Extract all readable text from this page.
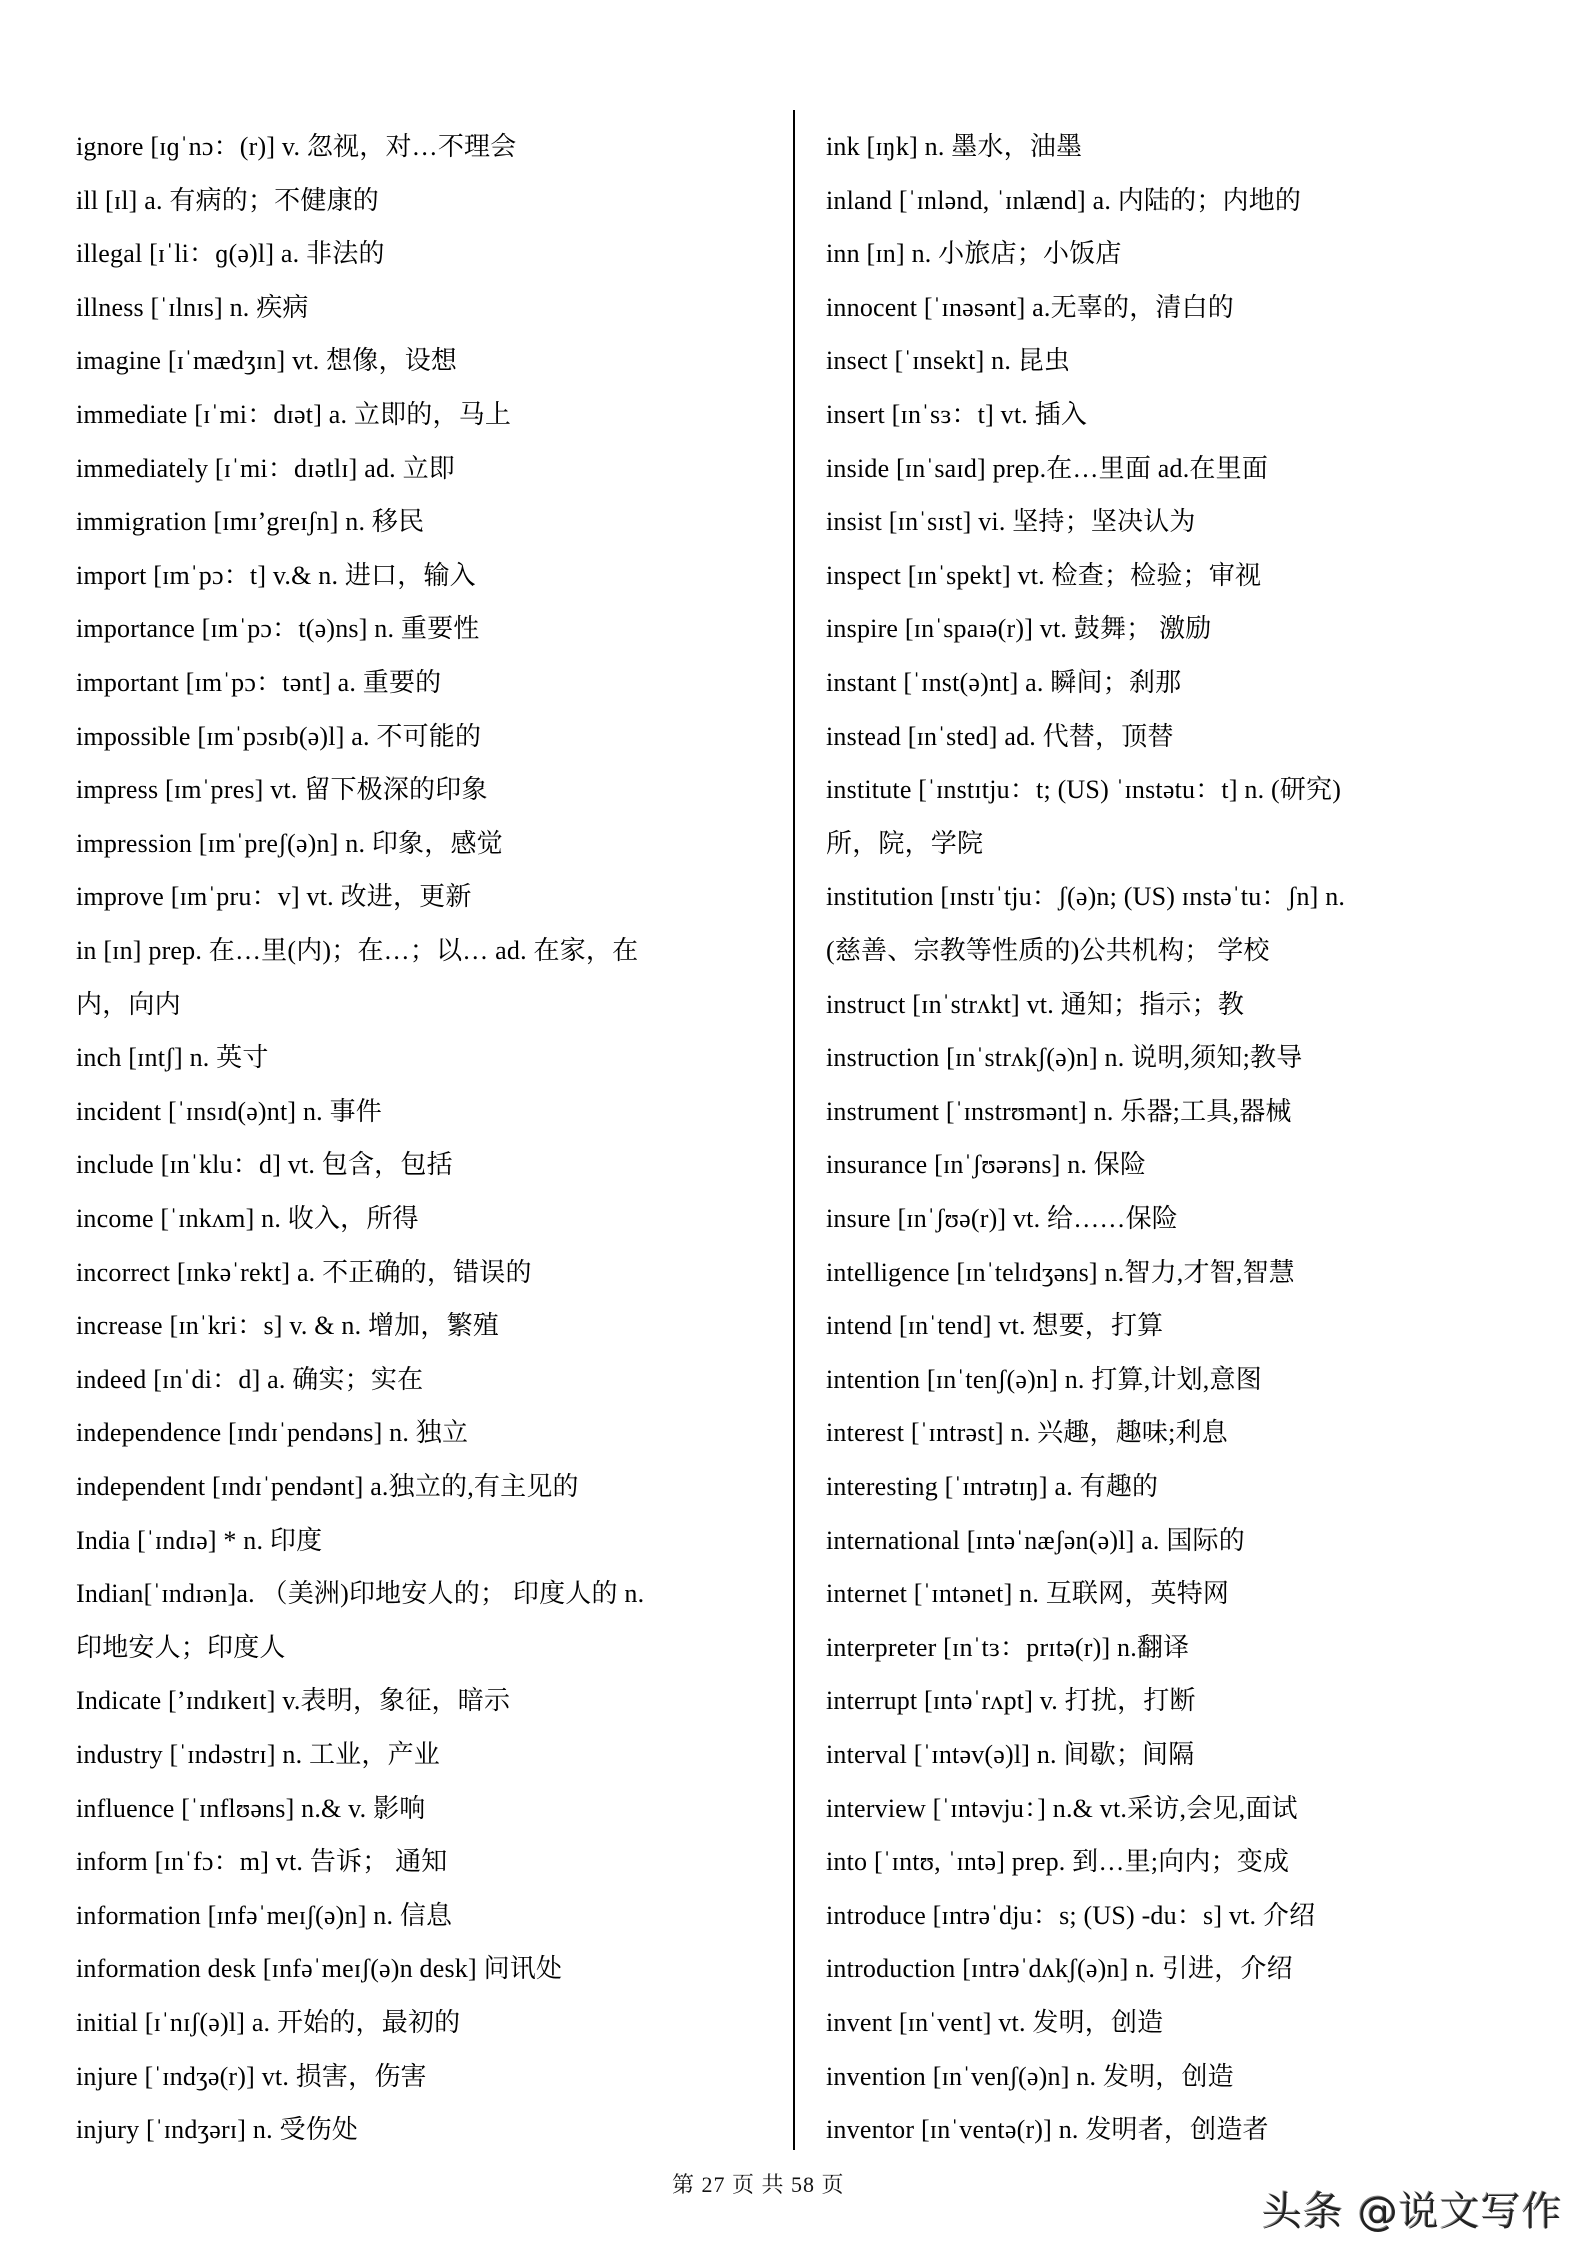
ignore [ɪɡˈnɔ：(r)] v. 忽视，对…不理会
ill [ɪl] a. 有病的；不健康的
illegal [ɪˈli：ɡ(ə)l] a. 非法的
illness [ˈɪlnɪs] n. 疾病
imagine [ɪˈmædʒɪn] vt. 想像，设想
immediate [ɪˈmi：dɪət] a. 立即的，马上
immediately [ɪˈmi：dɪətlɪ] ad. 立即
immigration [ɪmɪ’greɪʃn] n. 移民
import [ɪmˈpɔ：t] v.& n. 进口，输入
importance [ɪmˈpɔ：t(ə)ns] n. 重要性
important [ɪmˈpɔ：tənt] a. 重要的
impossible [ɪmˈpɔsɪb(ə)l] a. 不可能的
impress [ɪmˈpres] vt. 留下极深的印象
impression [ɪmˈpreʃ(ə)n] n. 印象，感觉
improve [ɪmˈpru：v] vt. 改进，更新
in [ɪn] prep. 在…里(内)；在…；以… ad. 在家，在
内，向内
inch [ɪntʃ] n. 英寸
incident [ˈɪnsɪd(ə)nt] n. 事件
include [ɪnˈklu：d] vt. 包含，包括
income [ˈɪnkʌm] n. 收入，所得
incorrect [ɪnkəˈrekt] a. 不正确的，错误的
increase [ɪnˈkri：s] v. & n. 增加，繁殖
indeed [ɪnˈdi：d] a. 确实；实在
independence [ɪndɪˈpendəns] n. 独立
independent [ɪndɪˈpendənt] a.独立的,有主见的
India [ˈɪndɪə] * n. 印度
Indian[ˈɪndɪən]a. （美洲)印地安人的； 印度人的 n.
印地安人；印度人
Indicate [’ɪndɪkeɪt] v.表明，象征，暗示
industry [ˈɪndəstrɪ] n. 工业，产业
influence [ˈɪnflʊəns] n.& v. 影响
inform [ɪnˈfɔ：m] vt. 告诉； 通知
information [ɪnfəˈmeɪʃ(ə)n] n. 信息
information desk [ɪnfəˈmeɪʃ(ə)n desk] 问讯处
initial [ɪˈnɪʃ(ə)l] a. 开始的，最初的
injure [ˈɪndʒə(r)] vt. 损害，伤害
injury [ˈɪndʒərɪ] n. 受伤处
ink [ɪŋk] n. 墨水，油墨
inland [ˈɪnlənd, ˈɪnlænd] a. 内陆的；内地的
inn [ɪn] n. 小旅店；小饭店
innocent [ˈɪnəsənt] a.无辜的，清白的
insect [ˈɪnsekt] n. 昆虫
insert [ɪnˈsɜ：t] vt. 插入
inside [ɪnˈsaɪd] prep.在…里面 ad.在里面
insist [ɪnˈsɪst] vi. 坚持；坚决认为
inspect [ɪnˈspekt] vt. 检查；检验；审视
inspire [ɪnˈspaɪə(r)] vt. 鼓舞； 激励
instant [ˈɪnst(ə)nt] a. 瞬间；刹那
instead [ɪnˈsted] ad. 代替，顶替
institute [ˈɪnstɪtju：t; (US) ˈɪnstətu：t] n. (研究)
所，院，学院
institution [ɪnstɪˈtju：ʃ(ə)n; (US) ɪnstəˈtu：ʃn] n.
(慈善、宗教等性质的)公共机构； 学校
instruct [ɪnˈstrʌkt] vt. 通知；指示；教
instruction [ɪnˈstrʌkʃ(ə)n] n. 说明,须知;教导
instrument [ˈɪnstrʊmənt] n. 乐器;工具,器械
insurance [ɪnˈʃʊərəns] n. 保险
insure [ɪnˈʃʊə(r)] vt. 给……保险
intelligence [ɪnˈtelɪdʒəns] n.智力,才智,智慧
intend [ɪnˈtend] vt. 想要，打算
intention [ɪnˈtenʃ(ə)n] n. 打算,计划,意图
interest [ˈɪntrəst] n. 兴趣，趣味;利息
interesting [ˈɪntrətɪŋ] a. 有趣的
international [ɪntəˈnæʃən(ə)l] a. 国际的
internet [ˈɪntənet] n. 互联网，英特网
interpreter [ɪnˈtɜ：prɪtə(r)] n.翻译
interrupt [ɪntəˈrʌpt] v. 打扰，打断
interval [ˈɪntəv(ə)l] n. 间歇；间隔
interview [ˈɪntəvju：] n.& vt.采访,会见,面试
into [ˈɪntʊ, ˈɪntə] prep. 到…里;向内；变成
introduce [ɪntrəˈdju：s; (US) -du：s] vt. 介绍
introduction [ɪntrəˈdʌkʃ(ə)n] n. 引进，介绍
invent [ɪnˈvent] vt. 发明，创造
invention [ɪnˈvenʃ(ə)n] n. 发明，创造
inventor [ɪnˈventə(r)] n. 发明者，创造者
第 27 页 共 58 页
头条 @说文写作
